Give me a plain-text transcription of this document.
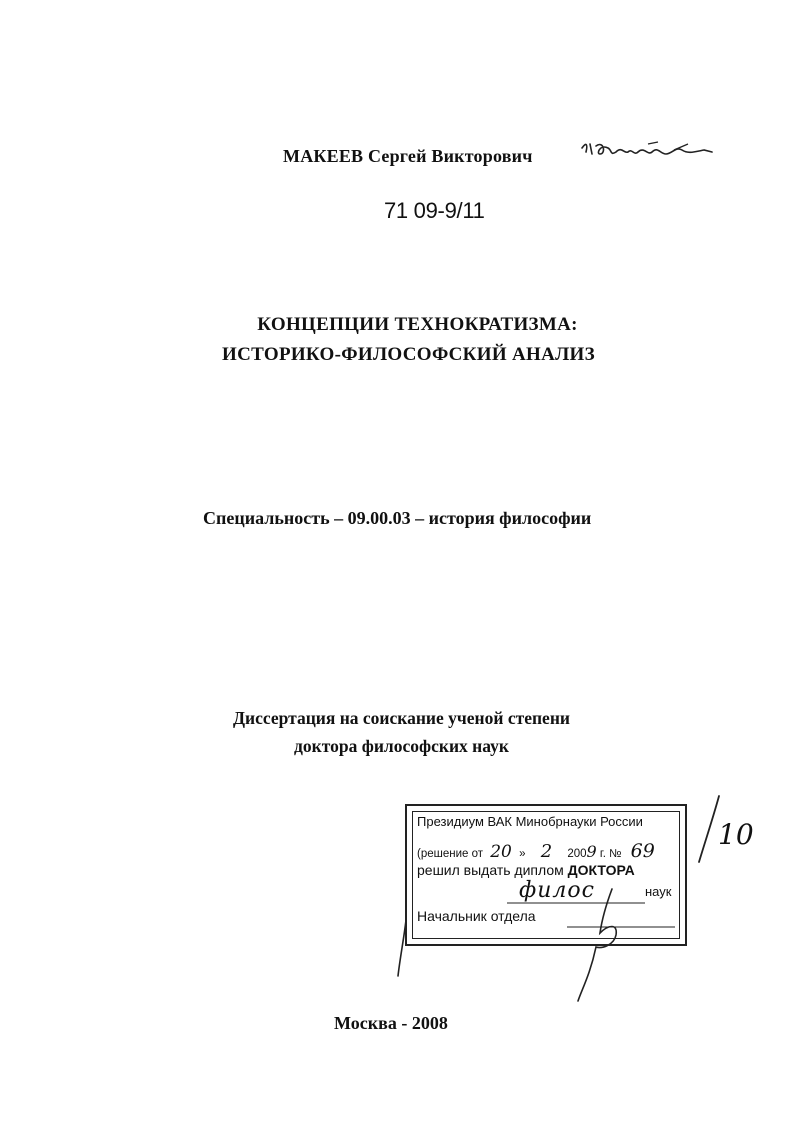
МАКЕЕВ Сергей Викторович
71 09-9/11
КОНЦЕПЦИИ ТЕХНОКРАТИЗМА:
ИСТОРИКО-ФИЛОСОФСКИЙ АНАЛИЗ
Специальность – 09.00.03 – история философии
Диссертация на соискание ученой степени
доктора философских наук
Президиум ВАК Минобрнауки России
(решение от 20 » 2 2009 г. № 69
решил выдать диплом ДОКТОРА
наук
филос
Начальник отдела
10
Москва - 2008
